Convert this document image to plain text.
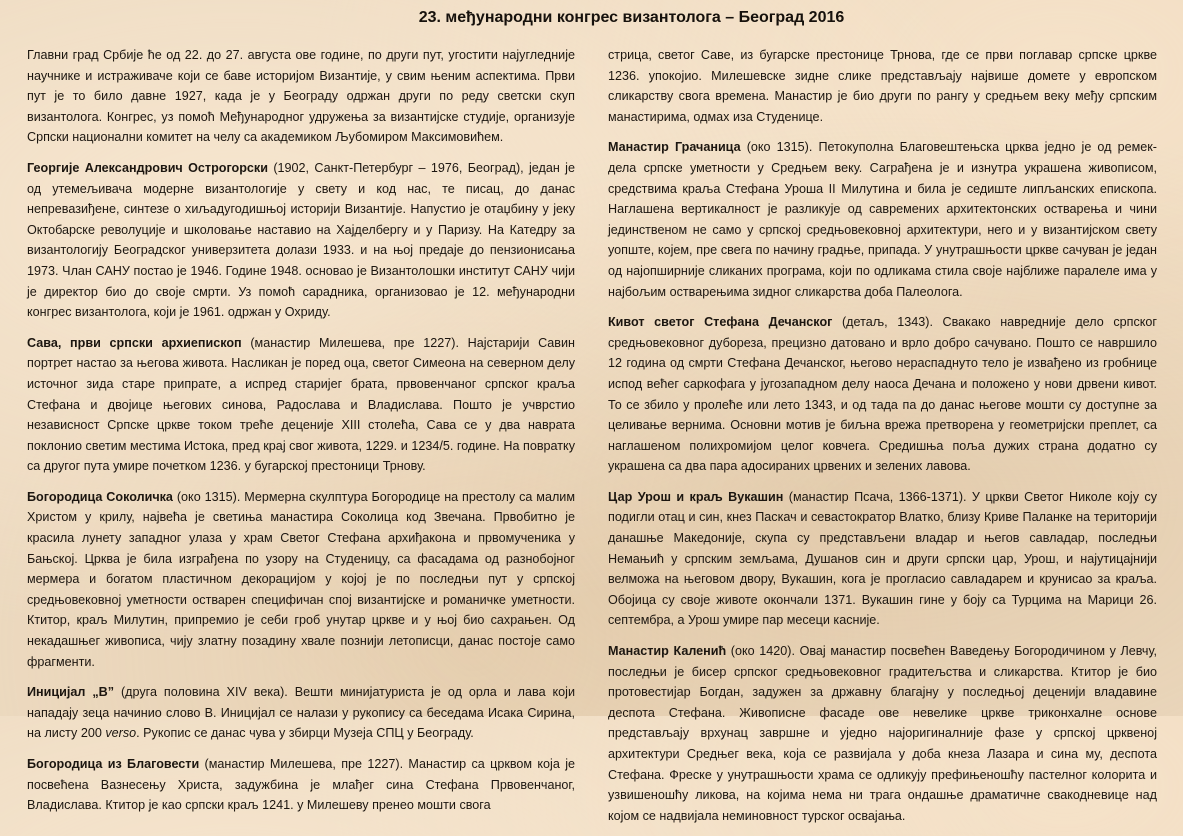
23. међународни конгрес византолога – Београд 2016

Главни град Србије ће од 22. до 27. августа ове године, по други пут, угостити најугледније научнике и истраживаче који се баве историјом Византије, у свим њеним аспектима. Први пут је то било давне 1927, када је у Београду одржан други по реду светски скуп византолога. Конгрес, уз помоћ Међународног удружења за византијске студије, организује Српски национални комитет на челу са академиком Љубомиром Максимовићем.

Георгије Александрович Острогорски (1902, Санкт-Петербург – 1976, Београд), један је од утемељивача модерне византологије у свету и код нас, те писац, до данас непревазиђене, синтезе о хиљадугодишњој историји Византије. Напустио је отаџбину у јеку Октобарске револуције и школовање наставио на Хајделбергу и у Паризу. На Катедру за византологију Београдског универзитета долази 1933. и на њој предаје до пензионисања 1973. Члан САНУ постао је 1946. Године 1948. основао је Византолошки институт САНУ чији је директор био до своје смрти. Уз помоћ сарадника, организовао је 12. међународни конгрес византолога, који је 1961. одржан у Охриду.

Сава, први српски архиепископ (манастир Милешева, пре 1227). Најстарији Савин портрет настао за његова живота. Насликан је поред оца, светог Симеона на северном делу источног зида старе припрате, а испред старијег брата, првовенчаног српског краља Стефана и двојице његових синова, Радослава и Владислава. Пошто је учврстио независност Српске цркве током треће деценије XIII столећа, Сава се у два наврата поклонио светим местима Истока, пред крај свог живота, 1229. и 1234/5. године. На повратку са другог пута умире почетком 1236. у бугарској престоници Трнову.

Богородица Соколичка (око 1315). Мермерна скулптура Богородице на престолу са малим Христом у крилу, највећа је светиња манастира Соколица код Звечана. Првобитно је красила лунету западног улаза у храм Светог Стефана архиђакона и првомученика у Бањској. Црква је била изграђена по узору на Студеницу, са фасадама од разнобојног мермера и богатом пластичном декорацијом у којој је по последњи пут у српској средњовековној уметности остварен специфичан спој византијске и романичке уметности. Ктитор, краљ Милутин, припремио је себи гроб унутар цркве и у њој био сахрањен. Од некадашњег живописа, чију златну позадину хвале познији летописци, данас постоје само фрагменти.

Иницијал „В” (друга половина XIV века). Вешти минијатуриста је од орла и лава који нападају зеца начинио слово В. Иницијал се налази у рукопису са беседама Исака Сирина, на листу 200 verso. Рукопис се данас чува у збирци Музеја СПЦ у Београду.

Богородица из Благовести (манастир Милешева, пре 1227). Манастир са црквом која је посвећена Вазнесењу Христа, задужбина је млађег сина Стефана Првовенчаног, Владислава. Ктитор је као српски краљ 1241. у Милешеву пренео мошти свога

стрица, светог Саве, из бугарске престонице Трнова, где се први поглавар српске цркве 1236. упокојио. Милешевске зидне слике представљају највише домете у европском сликарству свога времена. Манастир је био други по рангу у средњем веку међу српским манастирима, одмах иза Студенице.

Манастир Грачаница (око 1315). Петокуполна Благовештењска црква једно је од ремек-дела српске уметности у Средњем веку. Саграђена је и изнутра украшена живописом, средствима краља Стефана Уроша II Милутина и била је седиште липљанских епископа. Наглашена вертикалност је разликује од савремених архитектонских остварења и чини јединственом не само у српској средњовековној архитектури, него и у византијском свету уопште, којем, пре свега по начину градње, припада. У унутрашњости цркве сачуван је један од најопширније сликаних програма, који по одликама стила своје најближе паралеле има у најбољим остварењима зидног сликарства доба Палеолога.

Кивот светог Стефана Дечанског (детаљ, 1343). Свакако навредније дело српског средњовековног дубореза, прецизно датовано и врло добро сачувано. Пошто се навршило 12 година од смрти Стефана Дечанског, његово нераспаднуто тело је извађено из гробнице испод већег саркофага у југозападном делу наоса Дечана и положено у нови дрвени кивот. То се збило у пролеће или лето 1343, и од тада па до данас његове мошти су доступне за целивање вернима. Основни мотив је биљна врежа претворена у геометријски преплет, са наглашеном полихромијом целог ковчега. Средишња поља дужих страна додатно су украшена са два пара адосираних црвених и зелених лавова.

Цар Урош и краљ Вукашин (манастир Псача, 1366-1371). У цркви Светог Николе коју су подигли отац и син, кнез Паскач и севастократор Влатко, близу Криве Паланке на територији данашње Македоније, скупа су представљени владар и његов савладар, последњи Немањић у српским земљама, Душанов син и други српски цар, Урош, и најутицајнији велможа на његовом двору, Вукашин, кога је прогласио савладарем и крунисао за краља. Обојица су своје животе окончали 1371. Вукашин гине у боју са Турцима на Марици 26. септембра, а Урош умире пар месеци касније.

Манастир Каленић (око 1420). Овај манастир посвећен Ваведењу Богородичином у Левчу, последњи је бисер српског средњовековног градитељства и сликарства. Ктитор је био протовестијар Богдан, задужен за државну благајну у последњој деценији владавине деспота Стефана. Живописне фасаде ове невелике цркве триконхалне основе представљају врхунац завршне и уједно најоригиналније фазе у српској црквеној архитектури Средњег века, која се развијала у доба кнеза Лазара и сина му, деспота Стефана. Фреске у унутрашњости храма се одликују префињеношћу пастелног колорита и узвишеношћу ликова, на којима нема ни трага ондашње драматичне свакодневице над којом се надвијала неминовност турског освајања.
